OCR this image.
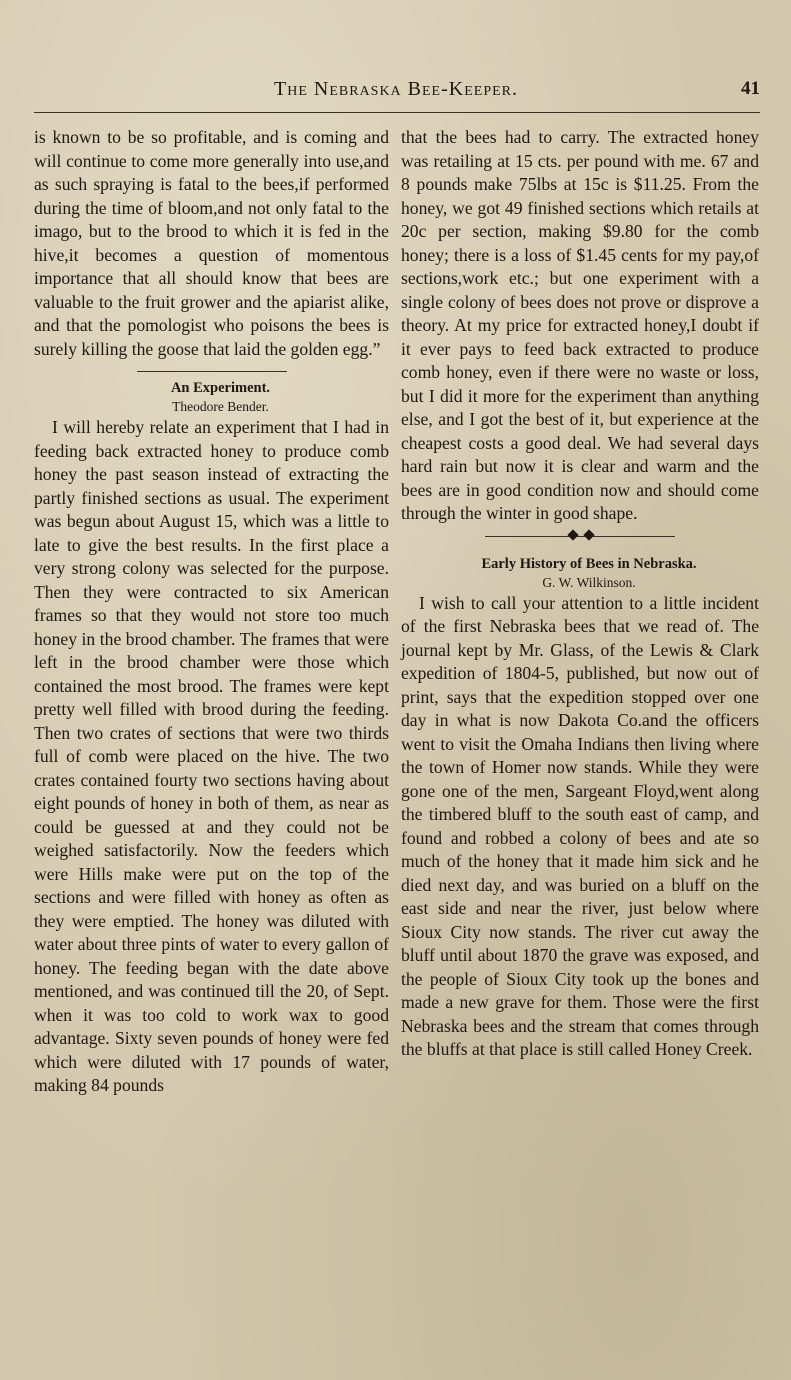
The Nebraska Bee-Keeper.	41

is known to be so profitable, and is coming and will continue to come more generally into use,and as such spraying is fatal to the bees,if performed during the time of bloom,and not only fatal to the imago, but to the brood to which it is fed in the hive,it becomes a question of momentous importance that all should know that bees are valuable to the fruit grower and the apiarist alike, and that the pomologist who poisons the bees is surely killing the goose that laid the golden egg.”

An Experiment.

Theodore Bender.

I will hereby relate an experiment that I had in feeding back extracted honey to produce comb honey the past season instead of extracting the partly finished sections as usual. The experiment was begun about August 15, which was a little to late to give the best results. In the first place a very strong colony was selected for the purpose. Then they were contracted to six American frames so that they would not store too much honey in the brood chamber. The frames that were left in the brood chamber were those which contained the most brood. The frames were kept pretty well filled with brood during the feeding. Then two crates of sections that were two thirds full of comb were placed on the hive. The two crates contained fourty two sections having about eight pounds of honey in both of them, as near as could be guessed at and they could not be weighed satisfactorily. Now the feeders which were Hills make were put on the top of the sections and were filled with honey as often as they were emptied. The honey was diluted with water about three pints of water to every gallon of honey. The feeding began with the date above mentioned, and was continued till the 20, of Sept. when it was too cold to work wax to good advantage. Sixty seven pounds of honey were fed which were diluted with 17 pounds of water, making 84 pounds

that the bees had to carry. The extracted honey was retailing at 15 cts. per pound with me. 67 and 8 pounds make 75lbs at 15c is $11.25. From the honey, we got 49 finished sections which retails at 20c per section, making $9.80 for the comb honey; there is a loss of $1.45 cents for my pay,of sections,work etc.; but one experiment with a single colony of bees does not prove or disprove a theory. At my price for extracted honey,I doubt if it ever pays to feed back extracted to produce comb honey, even if there were no waste or loss, but I did it more for the experiment than anything else, and I got the best of it, but experience at the cheapest costs a good deal. We had several days hard rain but now it is clear and warm and the bees are in good condition now and should come through the winter in good shape.

Early History of Bees in Nebraska.

G. W. Wilkinson.

I wish to call your attention to a little incident of the first Nebraska bees that we read of. The journal kept by Mr. Glass, of the Lewis & Clark expedition of 1804-5, published, but now out of print, says that the expedition stopped over one day in what is now Dakota Co.and the officers went to visit the Omaha Indians then living where the town of Homer now stands. While they were gone one of the men, Sargeant Floyd,went along the timbered bluff to the south east of camp, and found and robbed a colony of bees and ate so much of the honey that it made him sick and he died next day, and was buried on a bluff on the east side and near the river, just below where Sioux City now stands. The river cut away the bluff until about 1870 the grave was exposed, and the people of Sioux City took up the bones and made a new grave for them. Those were the first Nebraska bees and the stream that comes through the bluffs at that place is still called Honey Creek.
